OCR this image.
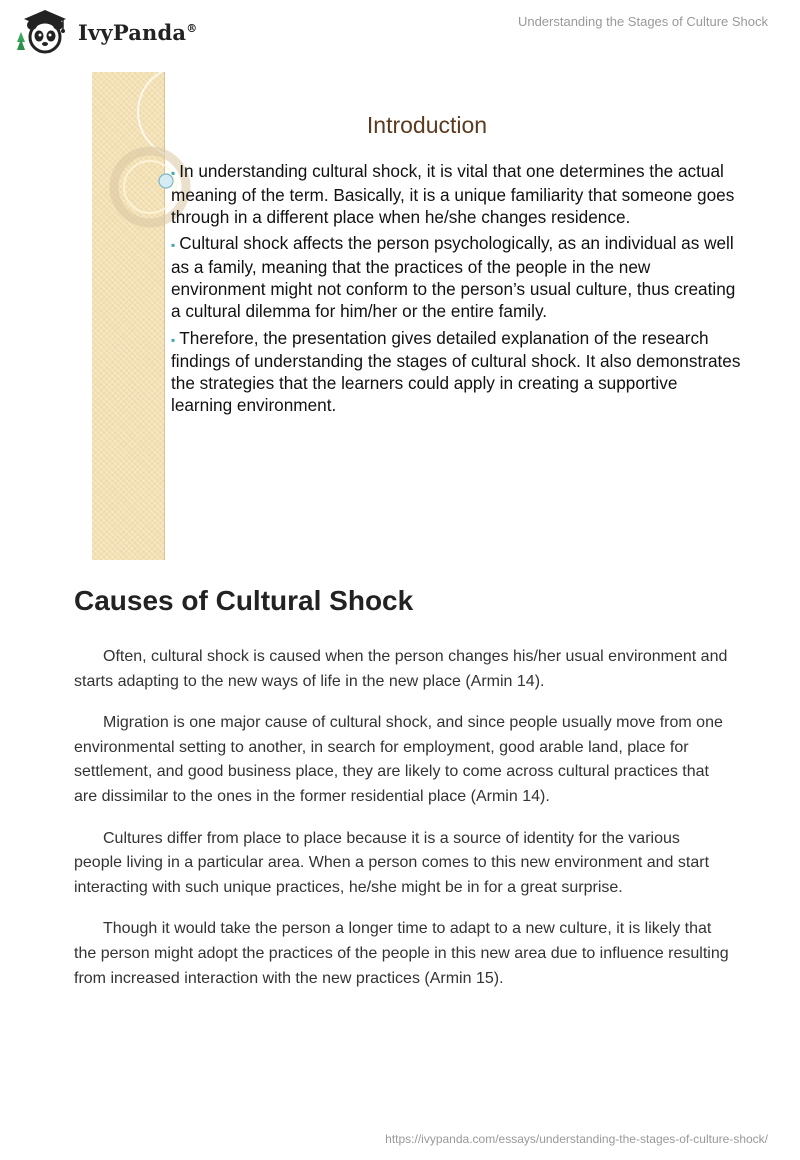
IvyPanda®	Understanding the Stages of Culture Shock
Introduction
▪ In understanding cultural shock, it is vital that one determines the actual meaning of the term. Basically, it is a unique familiarity that someone goes through in a different place when he/she changes residence.
▪ Cultural shock affects the person psychologically, as an individual as well as a family, meaning that the practices of the people in the new environment might not conform to the person’s usual culture, thus creating a cultural dilemma for him/her or the entire family.
▪ Therefore, the presentation gives detailed explanation of the research findings of understanding the stages of cultural shock. It also demonstrates the strategies that the learners could apply in creating a supportive learning environment.
Causes of Cultural Shock

Often, cultural shock is caused when the person changes his/her usual environment and starts adapting to the new ways of life in the new place (Armin 14).

Migration is one major cause of cultural shock, and since people usually move from one environmental setting to another, in search for employment, good arable land, place for settlement, and good business place, they are likely to come across cultural practices that are dissimilar to the ones in the former residential place (Armin 14).

Cultures differ from place to place because it is a source of identity for the various people living in a particular area. When a person comes to this new environment and start interacting with such unique practices, he/she might be in for a great surprise.

Though it would take the person a longer time to adapt to a new culture, it is likely that the person might adopt the practices of the people in this new area due to influence resulting from increased interaction with the new practices (Armin 15).

https://ivypanda.com/essays/understanding-the-stages-of-culture-shock/
